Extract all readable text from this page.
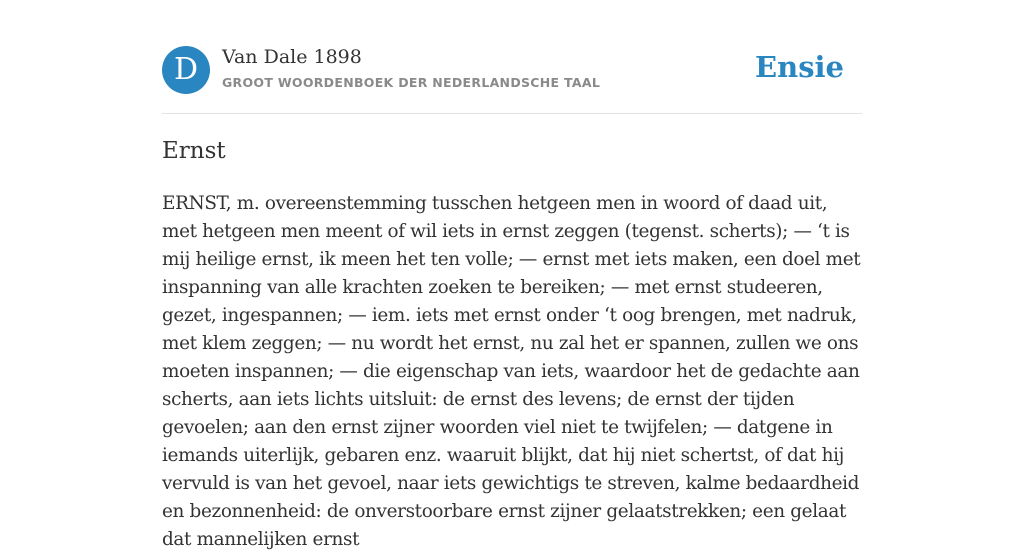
D	Van Dale 1898
GROOT WOORDENBOEK DER NEDERLANDSCHE TAAL	Ensie
Ernst

ERNST, m. overeenstemming tusschen hetgeen men in woord of daad uit, met hetgeen men meent of wil iets in ernst zeggen (tegenst. scherts); — ‘t is mij heilige ernst, ik meen het ten volle; — ernst met iets maken, een doel met inspanning van alle krachten zoeken te bereiken; — met ernst studeeren, gezet, ingespannen; — iem. iets met ernst onder ‘t oog brengen, met nadruk, met klem zeggen; — nu wordt het ernst, nu zal het er spannen, zullen we ons moeten inspannen; — die eigenschap van iets, waardoor het de gedachte aan scherts, aan iets lichts uitsluit: de ernst des levens; de ernst der tijden gevoelen; aan den ernst zijner woorden viel niet te twijfelen; — datgene in iemands uiterlijk, gebaren enz. waaruit blijkt, dat hij niet schertst, of dat hij vervuld is van het gevoel, naar iets gewichtigs te streven, kalme bedaardheid en bezonnenheid: de onverstoorbare ernst zijner gelaatstrekken; een gelaat dat mannelijken ernst
